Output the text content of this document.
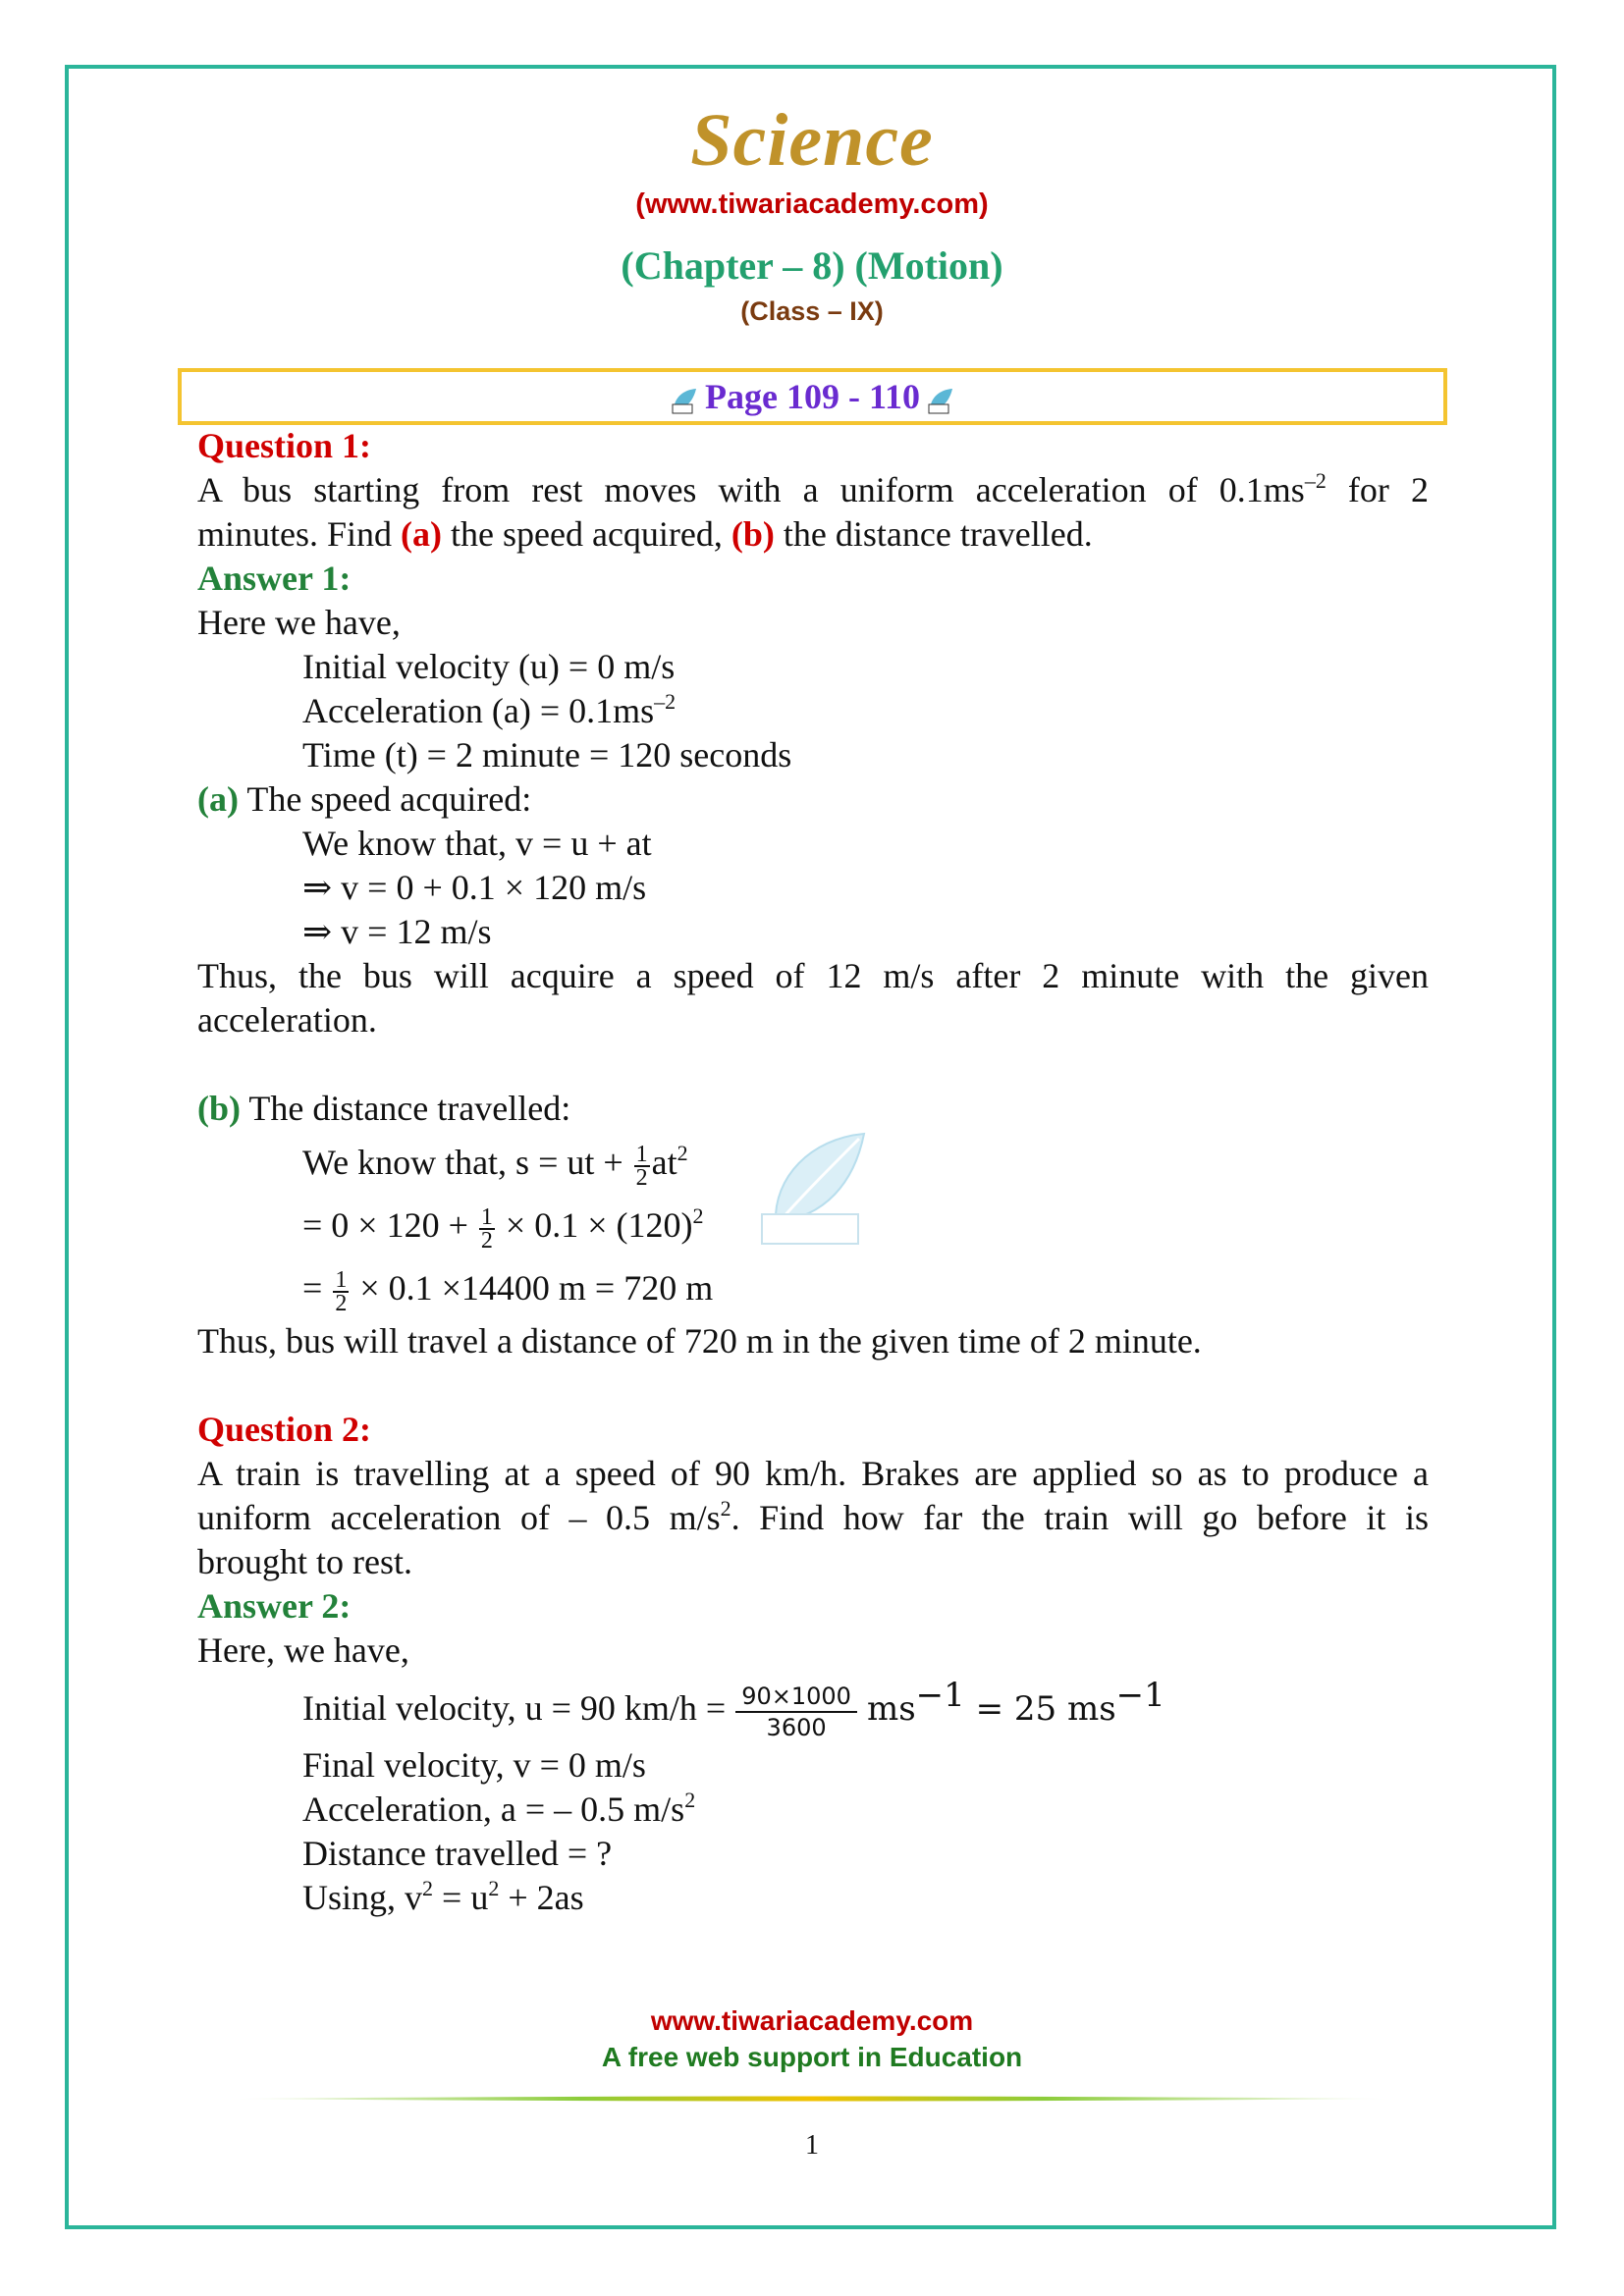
Science
(www.tiwariacademy.com)
(Chapter – 8) (Motion)
(Class – IX)
Page 109 - 110
Question 1:
A bus starting from rest moves with a uniform acceleration of $0.1ms^{-2}$ for 2
minutes. Find (a) the speed acquired, (b) the distance travelled.
Answer 1:
Here we have,
Initial velocity (u) = 0 m/s
Acceleration $(a) = 0.1ms^{-2}$
Time (t) = 2 minute = 120 seconds
(a) The speed acquired:
We know that, v = u + at
⇒ v = 0 + 0.1 × 120 m/s
⇒ v = 12 m/s
Thus, the bus will acquire a speed of 12 m/s after 2 minute with the given
acceleration.
(b) The distance travelled:
We know that, s = ut + $\frac{1}{2} at^2$
= $0 \times 120 + \frac{1}{2} \times 0.1 \times (120)^2$
= $\frac{1}{2} \times 0.1 \times 14400$ m = 720 m
Thus, bus will travel a distance of 720 m in the given time of 2 minute.
Question 2:
A train is travelling at a speed of 90 km/h. Brakes are applied so as to produce a
uniform acceleration of – 0.5 $m/s^2$. Find how far the train will go before it is
brought to rest.
Answer 2:
Here, we have,
Initial velocity, u = 90 $km/h = \frac{90\times 1000}{3600} ms^{-1} = 25$ $ms^{-1}$
Final velocity, v = 0 m/s
Acceleration, a = – 0.5 $m/s^2$
Distance travelled = ?
Using, $v^2 = u^2 + 2as$
www.tiwariacademy.com
A free web support in Education
1
